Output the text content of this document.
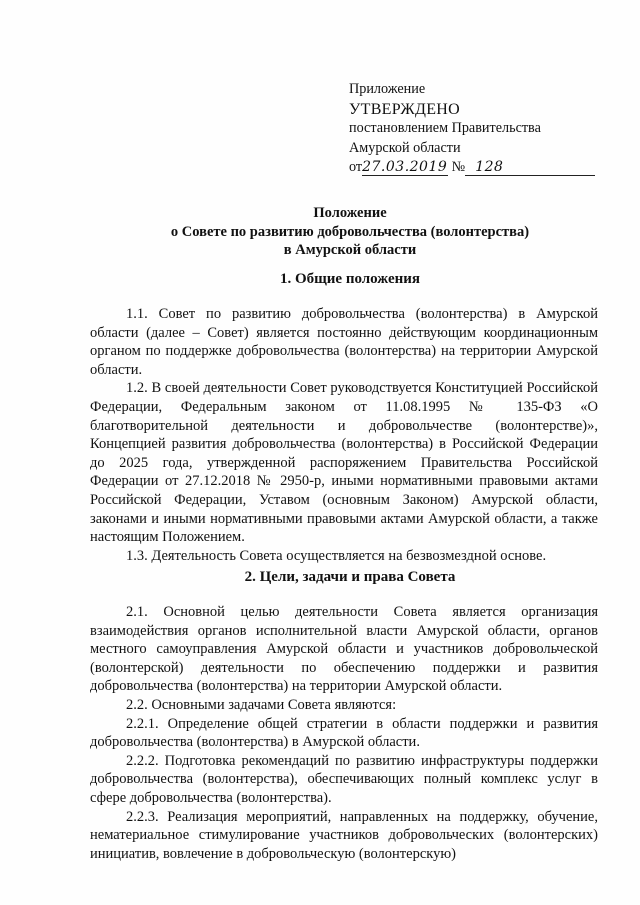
Приложение
УТВЕРЖДЕНО
постановлением Правительства
Амурской области
от27.03.2019 № 128
Положение
о Совете по развитию добровольчества (волонтерства)
в Амурской области
1. Общие положения

1.1. Совет по развитию добровольчества (волонтерства) в Амурской области (далее – Совет) является постоянно действующим координационным органом по поддержке добровольчества (волонтерства) на территории Амурской области.

1.2. В своей деятельности Совет руководствуется Конституцией Российской Федерации, Федеральным законом от 11.08.1995 № 135-ФЗ «О благотворительной деятельности и добровольчестве (волонтерстве)», Концепцией развития добровольчества (волонтерства) в Российской Федерации до 2025 года, утвержденной распоряжением Правительства Российской Федерации от 27.12.2018 № 2950-р, иными нормативными правовыми актами Российской Федерации, Уставом (основным Законом) Амурской области, законами и иными нормативными правовыми актами Амурской области, а также настоящим Положением.

1.3. Деятельность Совета осуществляется на безвозмездной основе.

2. Цели, задачи и права Совета

2.1. Основной целью деятельности Совета является организация взаимодействия органов исполнительной власти Амурской области, органов местного самоуправления Амурской области и участников добровольческой (волонтерской) деятельности по обеспечению поддержки и развития добровольчества (волонтерства) на территории Амурской области.

2.2. Основными задачами Совета являются:

2.2.1. Определение общей стратегии в области поддержки и развития добровольчества (волонтерства) в Амурской области.

2.2.2. Подготовка рекомендаций по развитию инфраструктуры поддержки добровольчества (волонтерства), обеспечивающих полный комплекс услуг в сфере добровольчества (волонтерства).

2.2.3. Реализация мероприятий, направленных на поддержку, обучение, нематериальное стимулирование участников добровольческих (волонтерских) инициатив, вовлечение в добровольческую (волонтерскую)
